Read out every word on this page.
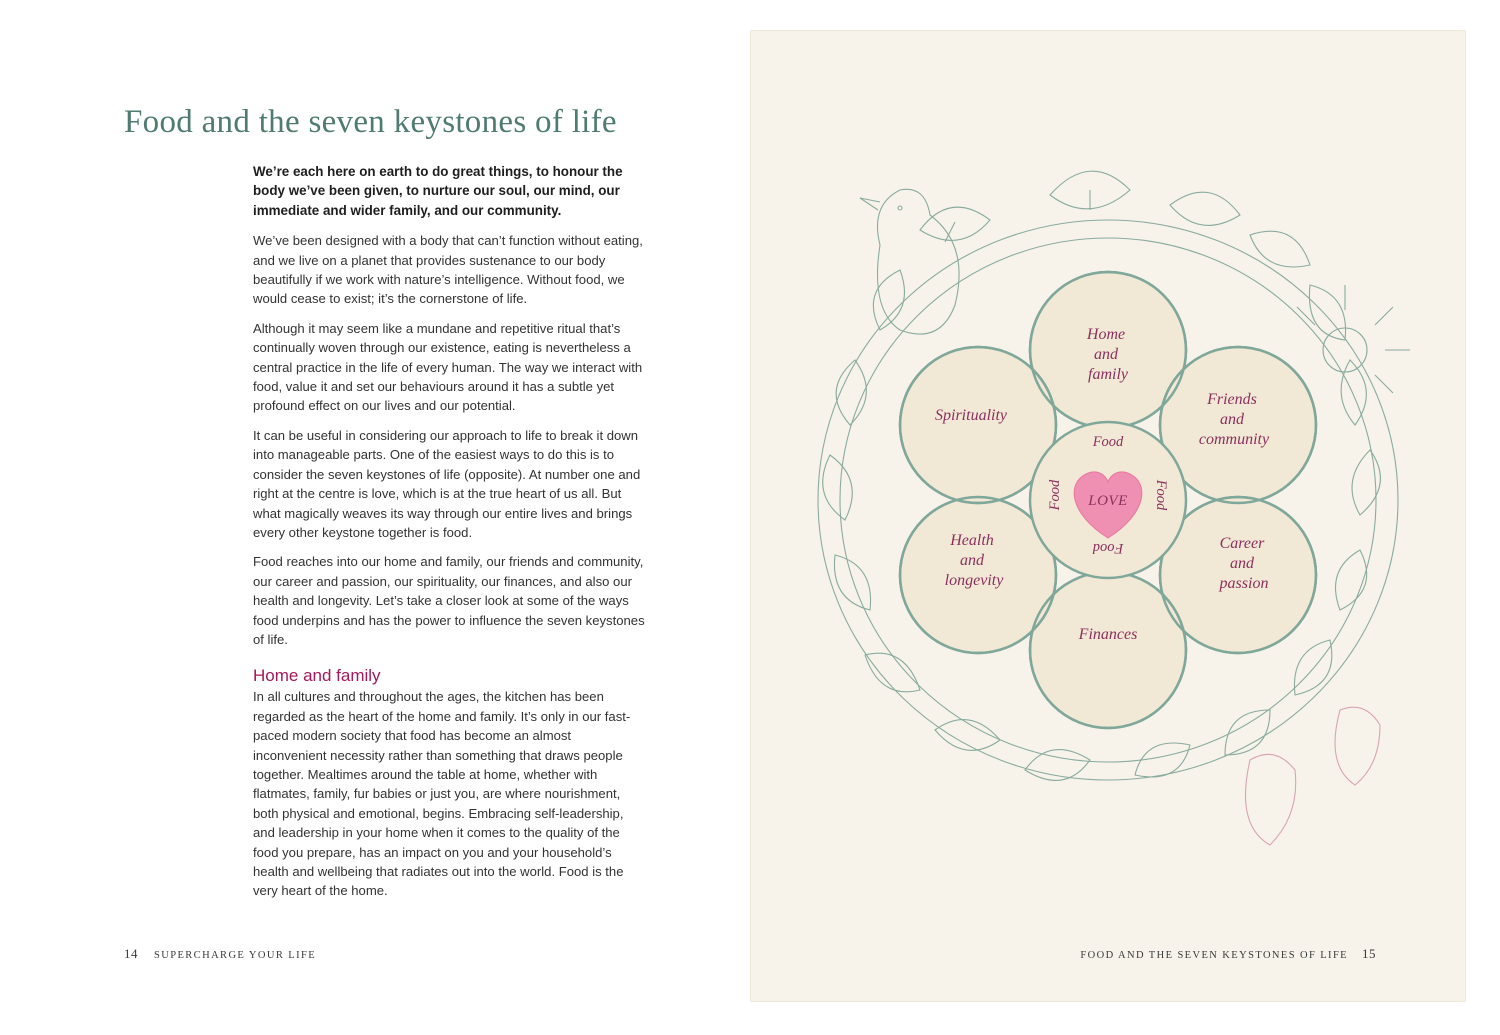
Food and the seven keystones of life

We’re each here on earth to do great things, to honour the body we’ve been given, to nurture our soul, our mind, our immediate and wider family, and our community.

We’ve been designed with a body that can’t function without eating, and we live on a planet that provides sustenance to our body beautifully if we work with nature’s intelligence. Without food, we would cease to exist; it’s the cornerstone of life.

Although it may seem like a mundane and repetitive ritual that’s continually woven through our existence, eating is nevertheless a central practice in the life of every human. The way we interact with food, value it and set our behaviours around it has a subtle yet profound effect on our lives and our potential.

It can be useful in considering our approach to life to break it down into manageable parts. One of the easiest ways to do this is to consider the seven keystones of life (opposite). At number one and right at the centre is love, which is at the true heart of us all. But what magically weaves its way through our entire lives and brings every other keystone together is food.

Food reaches into our home and family, our friends and community, our career and passion, our spirituality, our finances, and also our health and longevity. Let’s take a closer look at some of the ways food underpins and has the power to influence the seven keystones of life.

Home and family

In all cultures and throughout the ages, the kitchen has been regarded as the heart of the home and family. It’s only in our fast-paced modern society that food has become an almost inconvenient necessity rather than something that draws people together. Mealtimes around the table at home, whether with flatmates, family, fur babies or just you, are where nourishment, both physical and emotional, begins. Embracing self-leadership, and leadership in your home when it comes to the quality of the food you prepare, has an impact on you and your household’s health and wellbeing that radiates out into the world. Food is the very heart of the home.

14 SUPERCHARGE YOUR LIFE
LOVE
Food
Food
Food	Food
Home and family
Friends and community
Career and passion
Finances
Health and longevity
Spirituality
FOOD AND THE SEVEN KEYSTONES OF LIFE 15
